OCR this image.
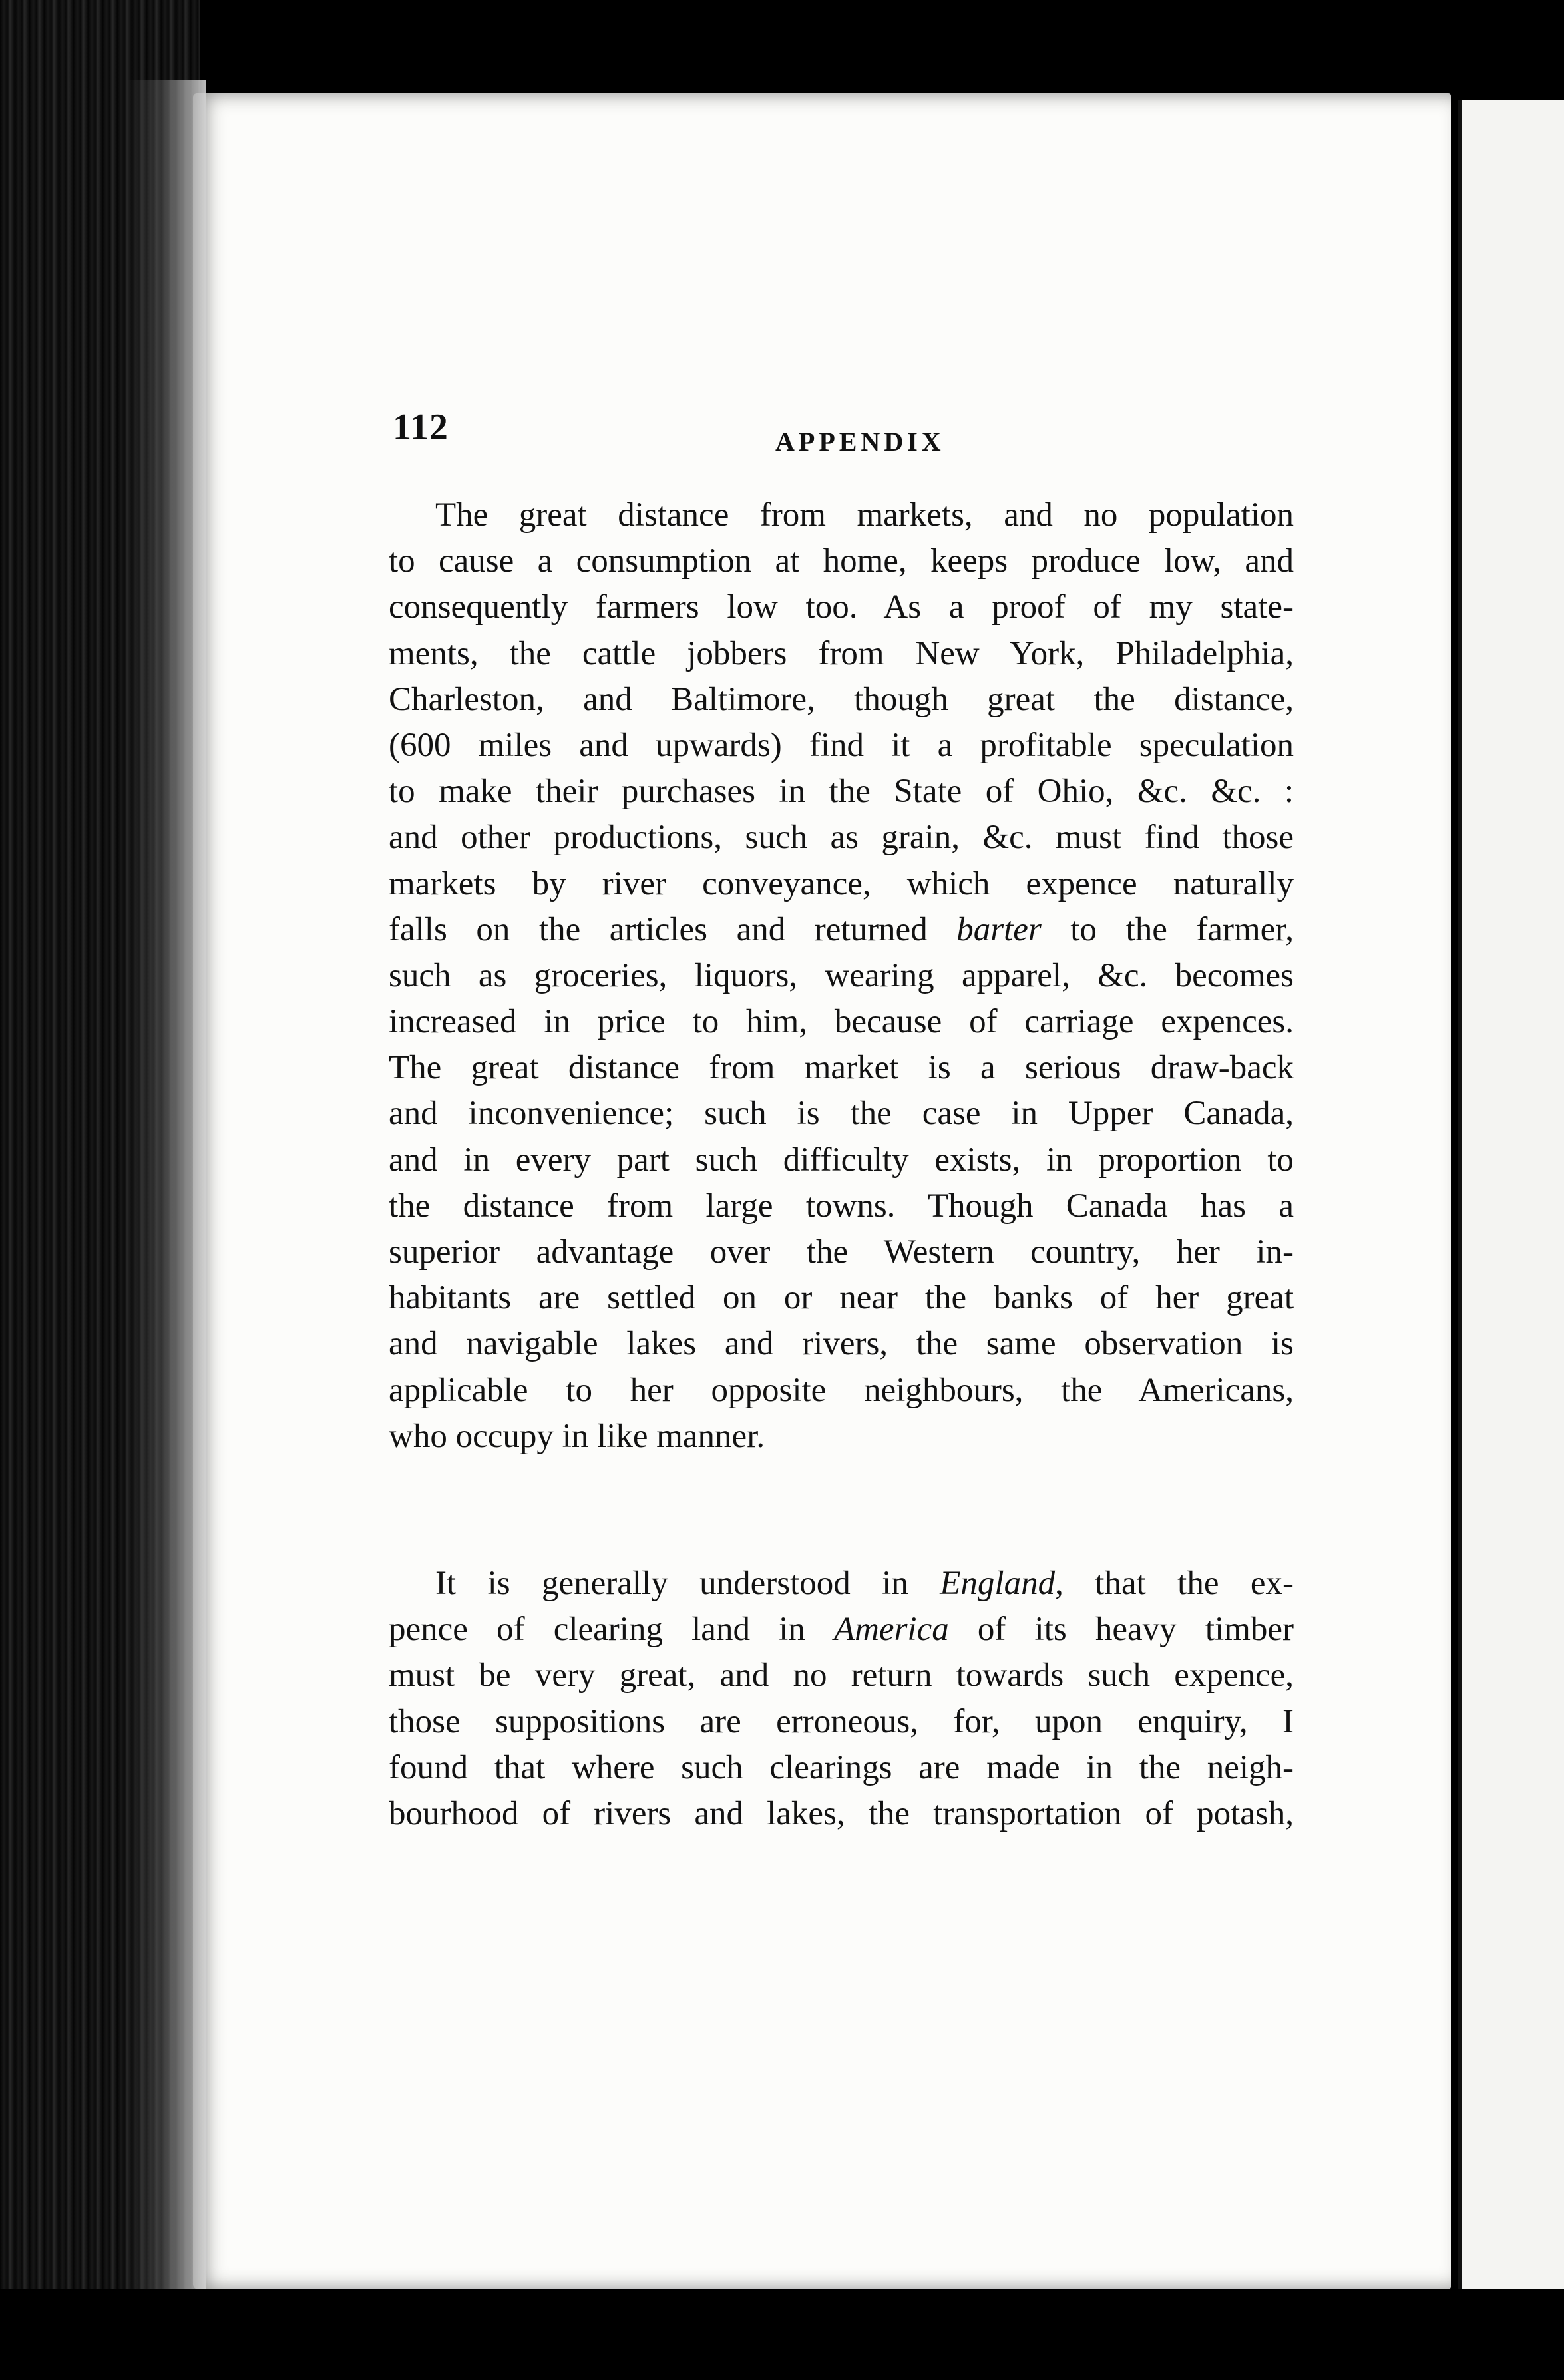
112	APPENDIX
The great distance from markets, and no population
to cause a consumption at home, keeps produce low, and
consequently farmers low too. As a proof of my state-
ments, the cattle jobbers from New York, Philadelphia,
Charleston, and Baltimore, though great the distance,
(600 miles and upwards) find it a profitable speculation
to make their purchases in the State of Ohio, &c. &c. :
and other productions, such as grain, &c. must find those
markets by river conveyance, which expence naturally
falls on the articles and returned barter to the farmer,
such as groceries, liquors, wearing apparel, &c. becomes
increased in price to him, because of carriage expences.
The great distance from market is a serious draw-back
and inconvenience; such is the case in Upper Canada,
and in every part such difficulty exists, in proportion to
the distance from large towns. Though Canada has a
superior advantage over the Western country, her in-
habitants are settled on or near the banks of her great
and navigable lakes and rivers, the same observation is
applicable to her opposite neighbours, the Americans,
who occupy in like manner.
It is generally understood in England, that the ex-
pence of clearing land in America of its heavy timber
must be very great, and no return towards such expence,
those suppositions are erroneous, for, upon enquiry, I
found that where such clearings are made in the neigh-
bourhood of rivers and lakes, the transportation of potash,
